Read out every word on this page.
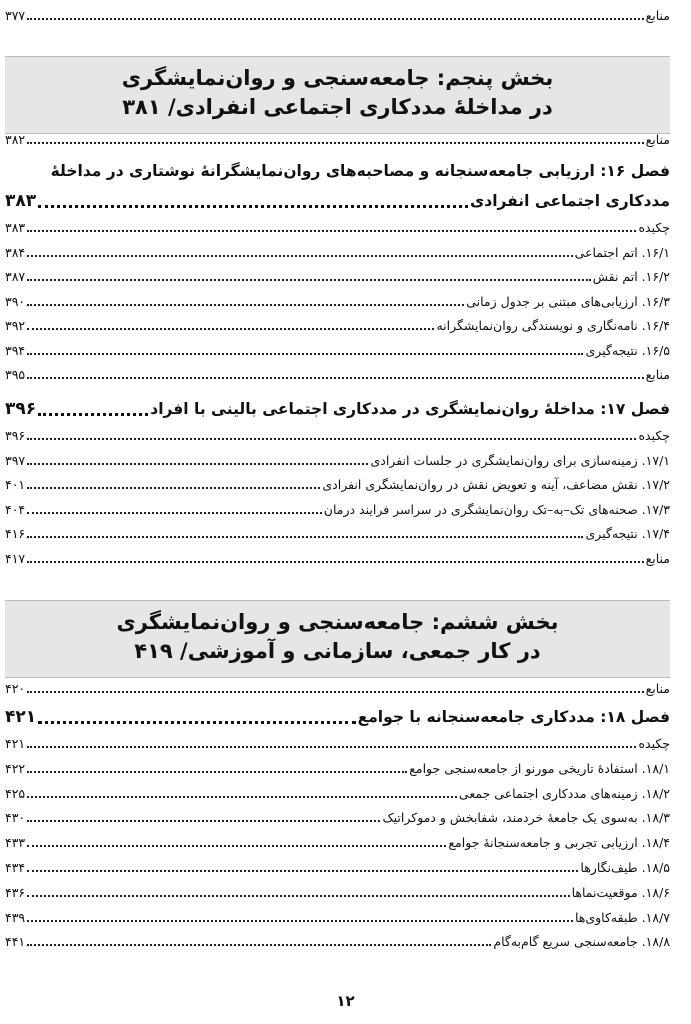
منابع
۳۷۷
بخش پنجم: جامعه‌سنجی و روان‌نمایشگری
در مداخلهٔ مددکاری اجتماعی انفرادی/ ۳۸۱
منابع
۳۸۲
فصل ۱۶: ارزیابی جامعه‌سنجانه و مصاحبه‌های روان‌نمایشگرانهٔ نوشتاری در مداخلهٔ
مددکاری اجتماعی انفرادی
۳۸۳
چکیده
۳۸۳
۱۶/۱. اتم اجتماعی
۳۸۴
۱۶/۲. اتم نقش
۳۸۷
۱۶/۳. ارزیابی‌های مبتنی بر جدول زمانی
۳۹۰
۱۶/۴. نامه‌نگاری و نویسندگی روان‌نمایشگرانه
۳۹۲
۱۶/۵. نتیجه‌گیری
۳۹۴
منابع
۳۹۵
فصل ۱۷: مداخلهٔ روان‌نمایشگری در مددکاری اجتماعی بالینی با افراد
۳۹۶
چکیده
۳۹۶
۱۷/۱. زمینه‌سازی برای روان‌نمایشگری در جلسات انفرادی
۳۹۷
۱۷/۲. نقش مضاعف، آینه و تعویض نقش در روان‌نمایشگری انفرادی
۴۰۱
۱۷/۳. صحنه‌های تک–به–تک روان‌نمایشگری در سراسر فرایند درمان
۴۰۴
۱۷/۴. نتیجه‌گیری
۴۱۶
منابع
۴۱۷
بخش ششم: جامعه‌سنجی و روان‌نمایشگری
در کار جمعی، سازمانی و آموزشی/ ۴۱۹
منابع
۴۲۰
فصل ۱۸: مددکاری جامعه‌سنجانه با جوامع
۴۲۱
چکیده
۴۲۱
۱۸/۱. استفادهٔ تاریخی مورنو از جامعه‌سنجی جوامع
۴۲۲
۱۸/۲. زمینه‌های مددکاری اجتماعی جمعی
۴۲۵
۱۸/۳. به‌سوی یک جامعهٔ خردمند، شفابخش و دموکراتیک
۴۳۰
۱۸/۴. ارزیابی تجربی و جامعه‌سنجانهٔ جوامع
۴۳۳
۱۸/۵. طیف‌نگارها
۴۳۴
۱۸/۶. موقعیت‌نماها
۴۳۶
۱۸/۷. طبقه‌کاوی‌ها
۴۳۹
۱۸/۸. جامعه‌سنجی سریع گام‌به‌گام
۴۴۱
۱۲
